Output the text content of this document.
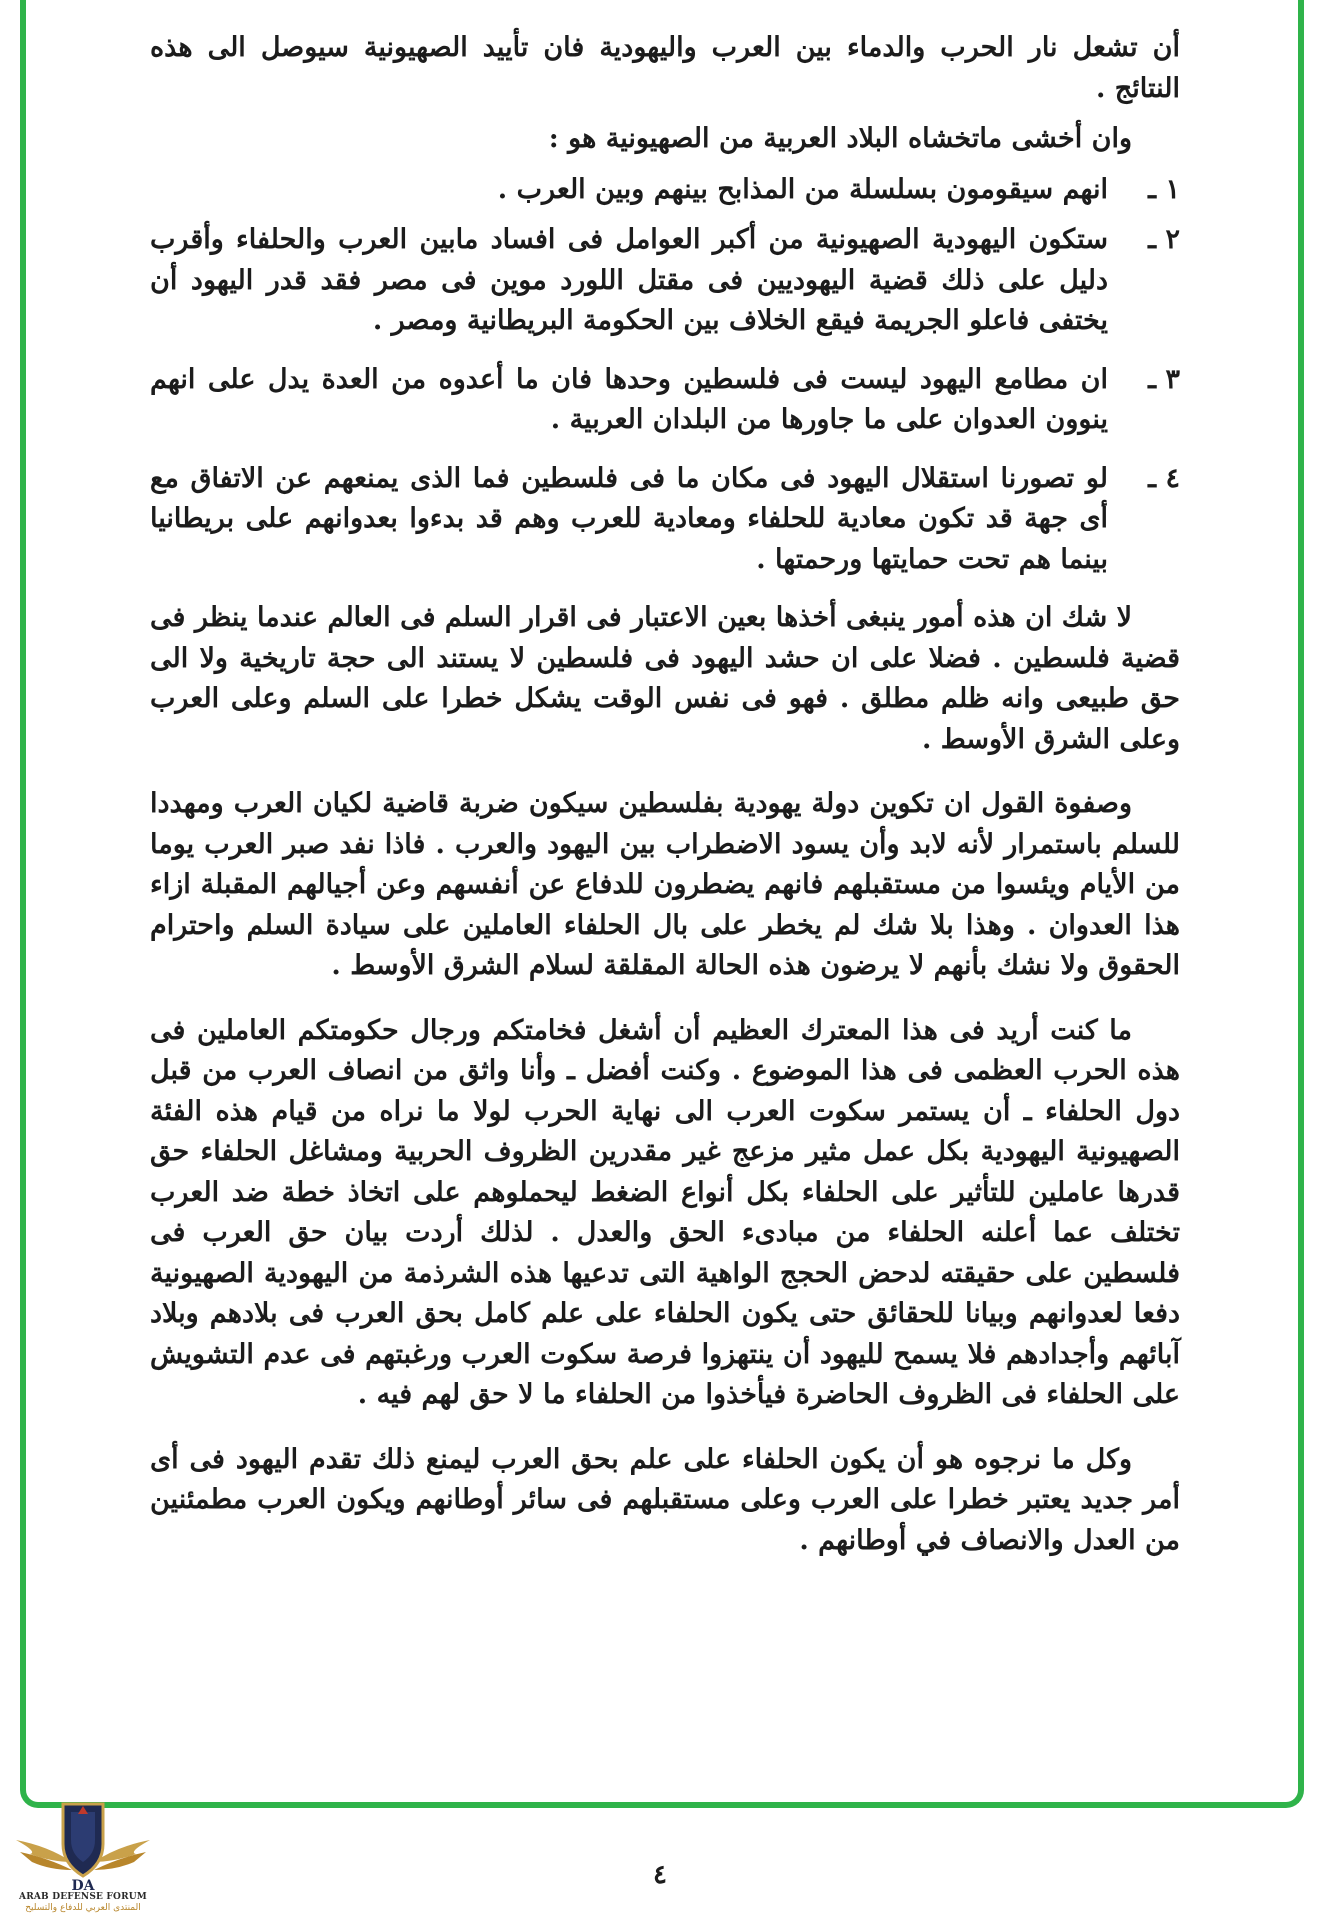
أن تشعل نار الحرب والدماء بين العرب واليهودية فان تأييد الصهيونية سيوصل الى هذه النتائج .

وان أخشى ماتخشاه البلاد العربية من الصهيونية هو :

١ ـ
انهم سيقومون بسلسلة من المذابح بينهم وبين العرب .
٢ ـ
ستكون اليهودية الصهيونية من أكبر العوامل فى افساد مابين العرب والحلفاء وأقرب دليل على ذلك قضية اليهوديين فى مقتل اللورد موين فى مصر فقد قدر اليهود أن يختفى فاعلو الجريمة فيقع الخلاف بين الحكومة البريطانية ومصر .
٣ ـ
ان مطامع اليهود ليست فى فلسطين وحدها فان ما أعدوه من العدة يدل على انهم ينوون العدوان على ما جاورها من البلدان العربية .
٤ ـ
لو تصورنا استقلال اليهود فى مكان ما فى فلسطين فما الذى يمنعهم عن الاتفاق مع أى جهة قد تكون معادية للحلفاء ومعادية للعرب وهم قد بدءوا بعدوانهم على بريطانيا بينما هم تحت حمايتها ورحمتها .

لا شك ان هذه أمور ينبغى أخذها بعين الاعتبار فى اقرار السلم فى العالم عندما ينظر فى قضية فلسطين . فضلا على ان حشد اليهود فى فلسطين لا يستند الى حجة تاريخية ولا الى حق طبيعى وانه ظلم مطلق . فهو فى نفس الوقت يشكل خطرا على السلم وعلى العرب وعلى الشرق الأوسط .

وصفوة القول ان تكوين دولة يهودية بفلسطين سيكون ضربة قاضية لكيان العرب ومهددا للسلم باستمرار لأنه لابد وأن يسود الاضطراب بين اليهود والعرب . فاذا نفد صبر العرب يوما من الأيام ويئسوا من مستقبلهم فانهم يضطرون للدفاع عن أنفسهم وعن أجيالهم المقبلة ازاء هذا العدوان . وهذا بلا شك لم يخطر على بال الحلفاء العاملين على سيادة السلم واحترام الحقوق ولا نشك بأنهم لا يرضون هذه الحالة المقلقة لسلام الشرق الأوسط .

ما كنت أريد فى هذا المعترك العظيم أن أشغل فخامتكم ورجال حكومتكم العاملين فى هذه الحرب العظمى فى هذا الموضوع . وكنت أفضل ـ وأنا واثق من انصاف العرب من قبل دول الحلفاء ـ أن يستمر سكوت العرب الى نهاية الحرب لولا ما نراه من قيام هذه الفئة الصهيونية اليهودية بكل عمل مثير مزعج غير مقدرين الظروف الحربية ومشاغل الحلفاء حق قدرها عاملين للتأثير على الحلفاء بكل أنواع الضغط ليحملوهم على اتخاذ خطة ضد العرب تختلف عما أعلنه الحلفاء من مبادىء الحق والعدل . لذلك أردت بيان حق العرب فى فلسطين على حقيقته لدحض الحجج الواهية التى تدعيها هذه الشرذمة من اليهودية الصهيونية دفعا لعدوانهم وبيانا للحقائق حتى يكون الحلفاء على علم كامل بحق العرب فى بلادهم وبلاد آبائهم وأجدادهم فلا يسمح لليهود أن ينتهزوا فرصة سكوت العرب ورغبتهم فى عدم التشويش على الحلفاء فى الظروف الحاضرة فيأخذوا من الحلفاء ما لا حق لهم فيه .

وكل ما نرجوه هو أن يكون الحلفاء على علم بحق العرب ليمنع ذلك تقدم اليهود فى أى أمر جديد يعتبر خطرا على العرب وعلى مستقبلهم فى سائر أوطانهم ويكون العرب مطمئنين من العدل والانصاف في أوطانهم .

٤
DA
ARAB DEFENSE FORUM
المنتدى العربي للدفاع والتسليح
